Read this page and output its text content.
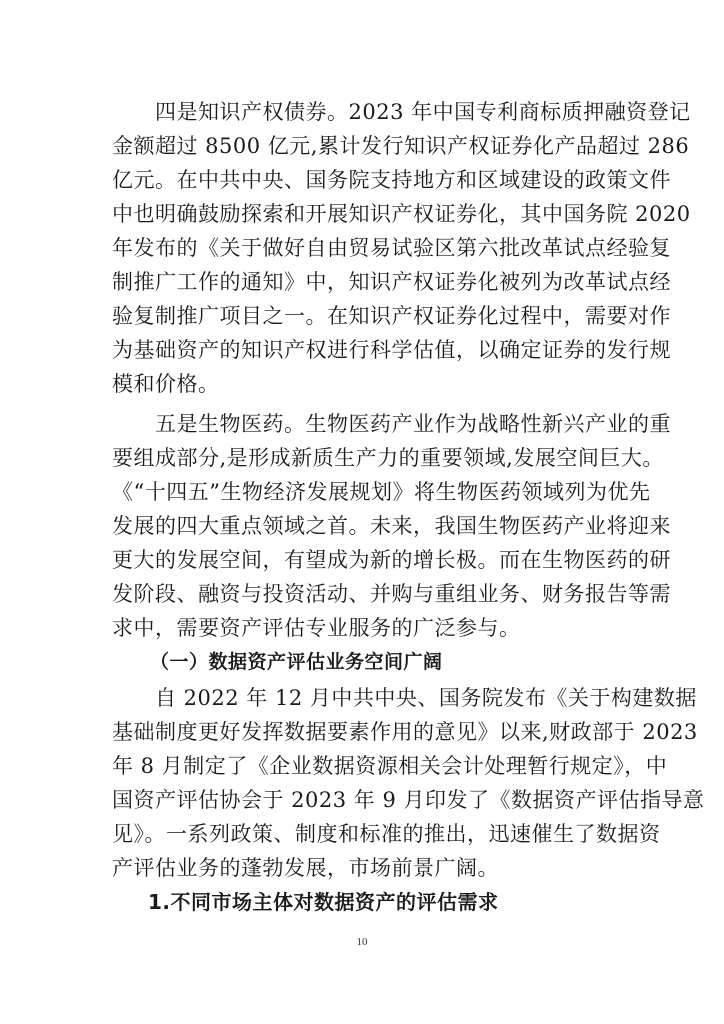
四是知识产权债券。2023 年中国专利商标质押融资登记
金额超过 8500 亿元,累计发行知识产权证券化产品超过 286
亿元。在中共中央、国务院支持地方和区域建设的政策文件
中也明确鼓励探索和开展知识产权证券化，其中国务院 2020
年发布的《关于做好自由贸易试验区第六批改革试点经验复
制推广工作的通知》中，知识产权证券化被列为改革试点经
验复制推广项目之一。在知识产权证券化过程中，需要对作
为基础资产的知识产权进行科学估值，以确定证券的发行规
模和价格。
五是生物医药。生物医药产业作为战略性新兴产业的重
要组成部分,是形成新质生产力的重要领域,发展空间巨大。
《“十四五”生物经济发展规划》将生物医药领域列为优先
发展的四大重点领域之首。未来，我国生物医药产业将迎来
更大的发展空间，有望成为新的增长极。而在生物医药的研
发阶段、融资与投资活动、并购与重组业务、财务报告等需
求中，需要资产评估专业服务的广泛参与。
（一）数据资产评估业务空间广阔
自 2022 年 12 月中共中央、国务院发布《关于构建数据
基础制度更好发挥数据要素作用的意见》以来,财政部于 2023
年 8 月制定了《企业数据资源相关会计处理暂行规定》，中
国资产评估协会于 2023 年 9 月印发了《数据资产评估指导意
见》。一系列政策、制度和标准的推出，迅速催生了数据资
产评估业务的蓬勃发展，市场前景广阔。
1.不同市场主体对数据资产的评估需求
10
